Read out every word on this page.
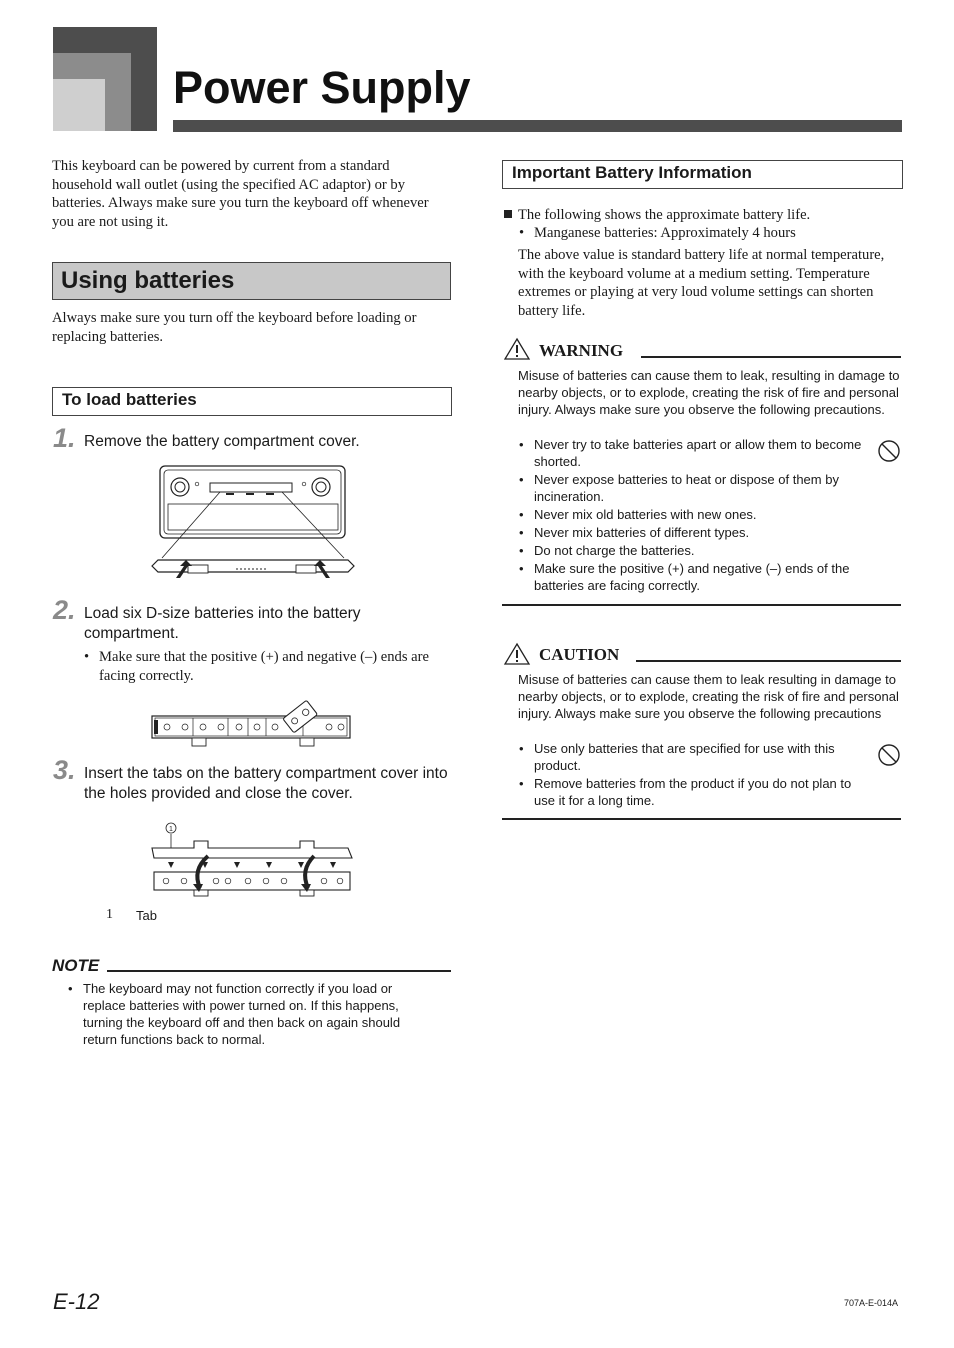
Power Supply
This keyboard can be powered by current from a standard household wall outlet (using the specified AC adaptor) or by batteries. Always make sure you turn the keyboard off whenever you are not using it.
Using batteries
Always make sure you turn off the keyboard before loading or replacing batteries.
To load batteries
1. Remove the battery compartment cover.
2. Load six D-size batteries into the battery compartment.
• Make sure that the positive (+) and negative (–) ends are facing correctly.
3. Insert the tabs on the battery compartment cover into the holes provided and close the cover.
1
1 Tab
NOTE
• The keyboard may not function correctly if you load or replace batteries with power turned on. If this happens, turning the keyboard off and then back on again should return functions back to normal.
Important Battery Information
The following shows the approximate battery life.
• Manganese batteries: Approximately 4 hours
The above value is standard battery life at normal temperature, with the keyboard volume at a medium setting. Temperature extremes or playing at very loud volume settings can shorten battery life.
WARNING
Misuse of batteries can cause them to leak, resulting in damage to nearby objects, or to explode, creating the risk of fire and personal injury. Always make sure you observe the following precautions.
• Never try to take batteries apart or allow them to become shorted.
• Never expose batteries to heat or dispose of them by incineration.
• Never mix old batteries with new ones.
• Never mix batteries of different types.
• Do not charge the batteries.
• Make sure the positive (+) and negative (–) ends of the batteries are facing correctly.
CAUTION
Misuse of batteries can cause them to leak resulting in damage to nearby objects, or to explode, creating the risk of fire and personal injury. Always make sure you observe the following precautions
• Use only batteries that are specified for use with this product.
• Remove batteries from the product if you do not plan to use it for a long time.
E-12	707A-E-014A
